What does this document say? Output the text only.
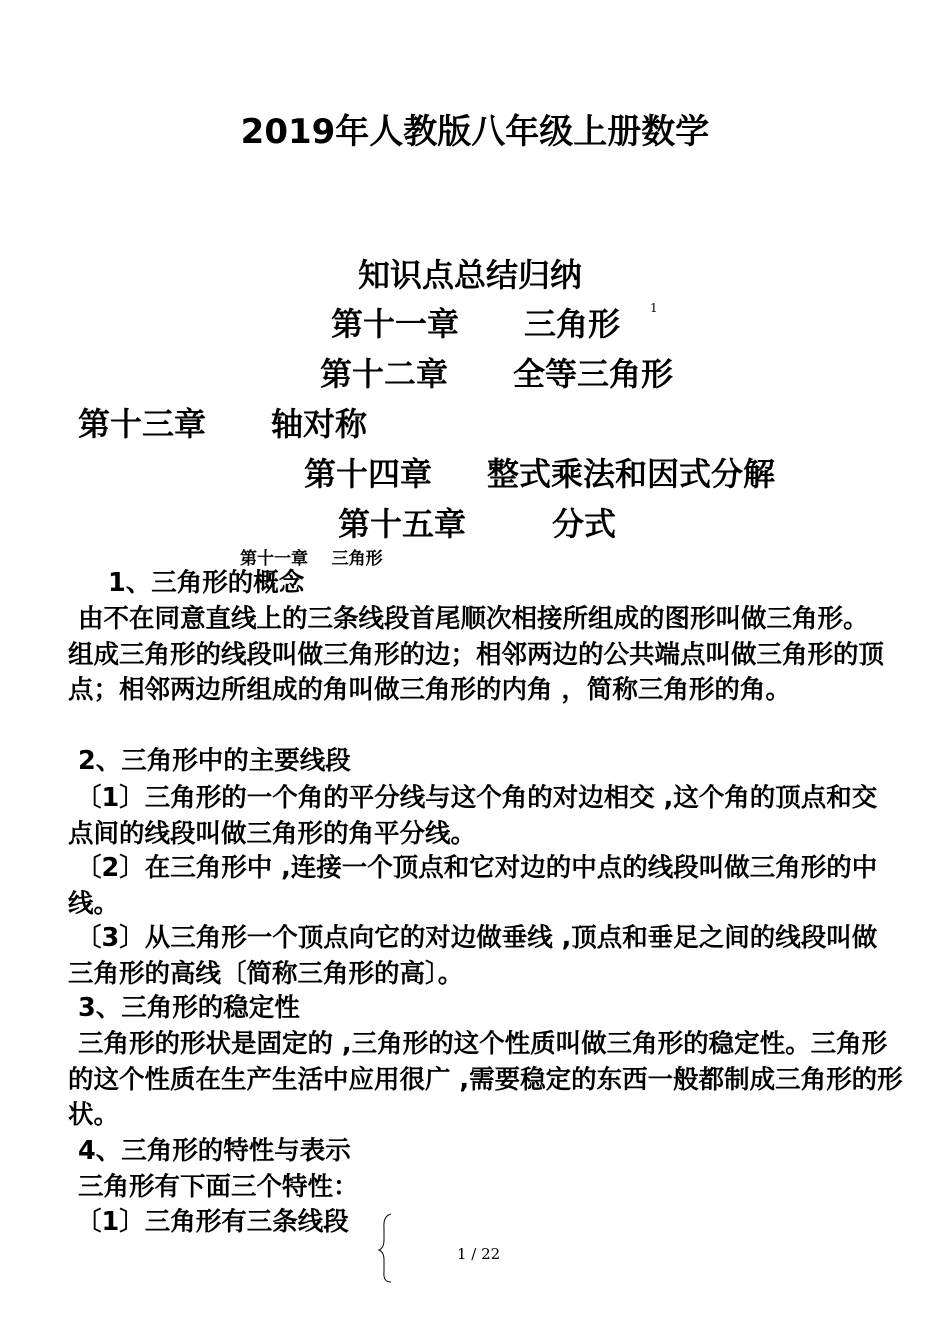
2019年人教版八年级上册数学
知识点总结归纳
第十一章 三角形 1
第十二章 全等三角形
第十三章 轴对称
第十四章 整式乘法和因式分解
第十五章	分式
第十一章    三角形
1、三角形的概念
由不在同意直线上的三条线段首尾顺次相接所组成的图形叫做三角形。组成三角形的线段叫做三角形的边；相邻两边的公共端点叫做三角形的顶点；相邻两边所组成的角叫做三角形的内角 ，简称三角形的角。
2、三角形中的主要线段
〔1〕三角形的一个角的平分线与这个角的对边相交 ,这个角的顶点和交点间的线段叫做三角形的角平分线。
〔2〕在三角形中 ,连接一个顶点和它对边的中点的线段叫做三角形的中线。
〔3〕从三角形一个顶点向它的对边做垂线 ,顶点和垂足之间的线段叫做三角形的高线〔简称三角形的高〕。
3、三角形的稳定性
三角形的形状是固定的 ,三角形的这个性质叫做三角形的稳定性。三角形的这个性质在生产生活中应用很广 ,需要稳定的东西一般都制成三角形的形状。
4、三角形的特性与表示
三角形有下面三个特性：
〔1〕三角形有三条线段
1 / 22
